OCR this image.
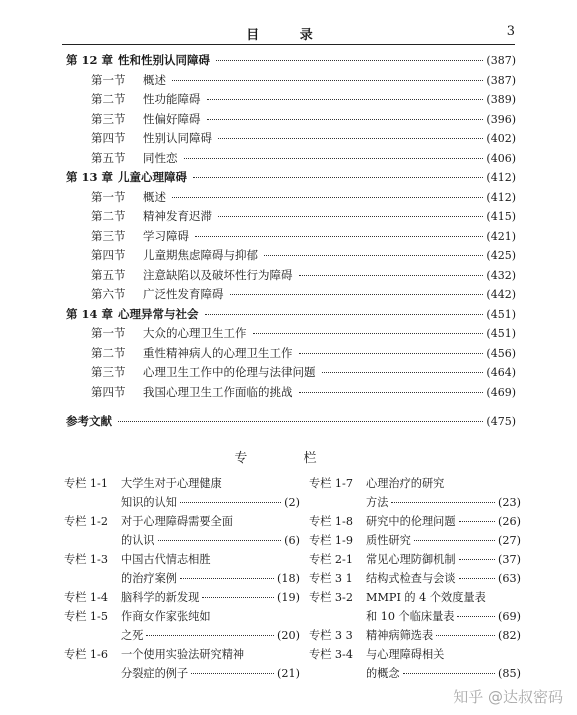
目 录	3
第 12 章 性和性别认同障碍	(387)
第一节	概述	(387)
第二节	性功能障碍	(389)
第三节	性偏好障碍	(396)
第四节	性别认同障碍	(402)
第五节	同性恋	(406)
第 13 章 儿童心理障碍	(412)
第一节	概述	(412)
第二节	精神发育迟滞	(415)
第三节	学习障碍	(421)
第四节	儿童期焦虑障碍与抑郁	(425)
第五节	注意缺陷以及破坏性行为障碍	(432)
第六节	广泛性发育障碍	(442)
第 14 章 心理异常与社会	(451)
第一节	大众的心理卫生工作	(451)
第二节	重性精神病人的心理卫生工作	(456)
第三节	心理卫生工作中的伦理与法律问题	(464)
第四节	我国心理卫生工作面临的挑战	(469)
参考文献	(475)
专 栏
专栏 1-1	大学生对于心理健康
知识的认知	(2)
专栏 1-2	对于心理障碍需要全面
的认识	(6)
专栏 1-3	中国古代情志相胜
的治疗案例	(18)
专栏 1-4	脑科学的新发现	(19)
专栏 1-5	作商女作家张纯如
之死	(20)
专栏 1-6	一个使用实验法研究精神
分裂症的例子	(21)
专栏 1-7	心理治疗的研究
方法	(23)
专栏 1-8	研究中的伦理问题	(26)
专栏 1-9	质性研究	(27)
专栏 2-1	常见心理防御机制	(37)
专栏 3 1	结构式检查与会谈	(63)
专栏 3-2	MMPI 的 4 个效度量表
和 10 个临床量表	(69)
专栏 3 3	精神病筛选表	(82)
专栏 3-4	与心理障碍相关
的概念	(85)
知乎 @达叔密码
